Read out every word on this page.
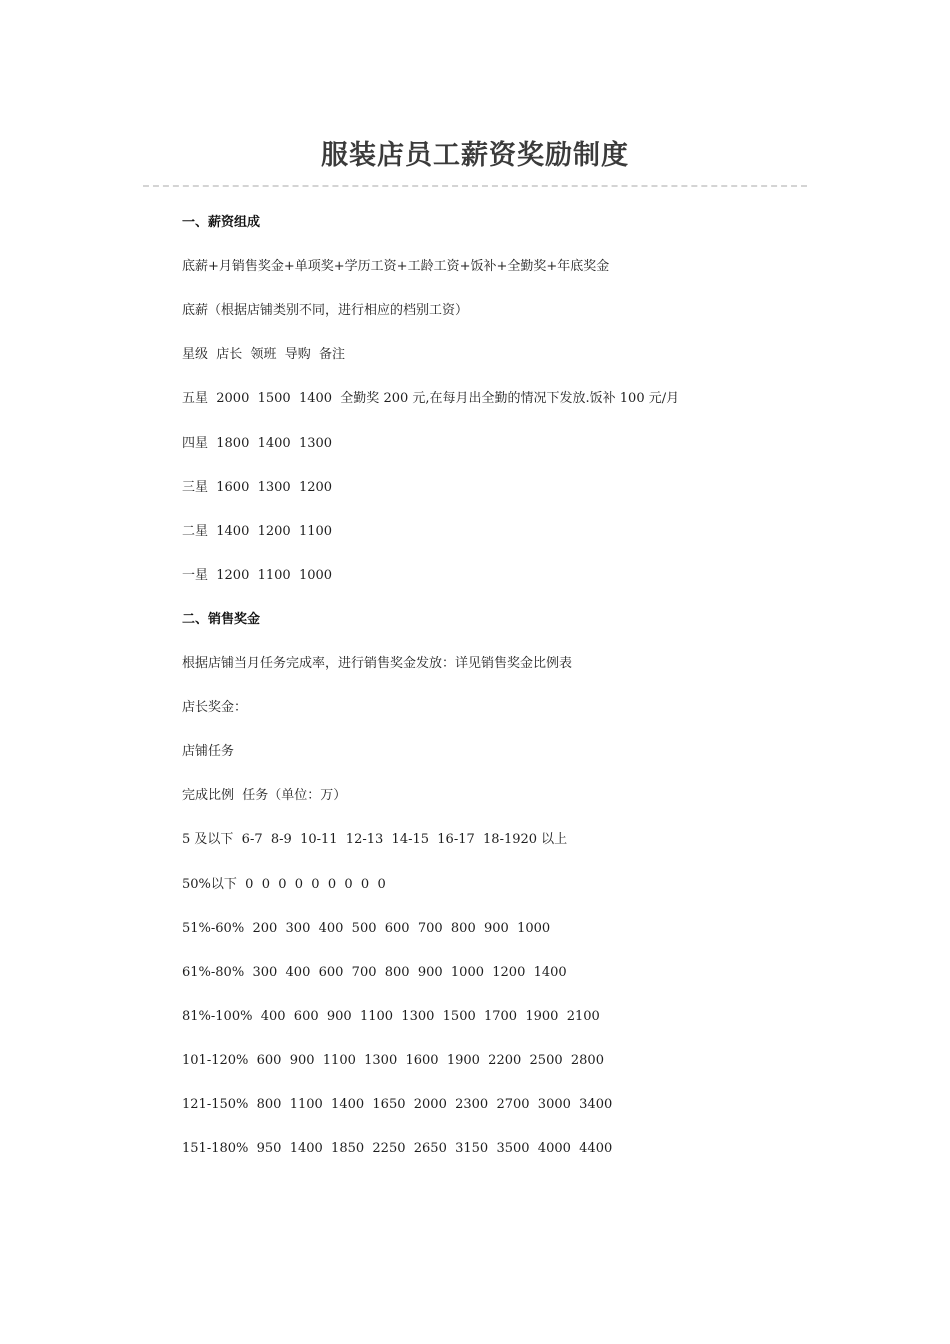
服装店员工薪资奖励制度
一、薪资组成
底薪+月销售奖金+单项奖+学历工资+工龄工资+饭补+全勤奖+年底奖金
底薪（根据店铺类别不同，进行相应的档别工资）
星级  店长  领班  导购  备注
五星  2000  1500  1400  全勤奖 200 元,在每月出全勤的情况下发放.饭补 100 元/月
四星  1800  1400  1300
三星  1600  1300  1200
二星  1400  1200  1100
一星  1200  1100  1000
二、销售奖金
根据店铺当月任务完成率，进行销售奖金发放：详见销售奖金比例表
店长奖金：
店铺任务
完成比例  任务（单位：万）
5 及以下  6-7  8-9  10-11  12-13  14-15  16-17  18-1920 以上
50%以下  0  0  0  0  0  0  0  0  0
51%-60%  200  300  400  500  600  700  800  900  1000
61%-80%  300  400  600  700  800  900  1000  1200  1400
81%-100%  400  600  900  1100  1300  1500  1700  1900  2100
101-120%  600  900  1100  1300  1600  1900  2200  2500  2800
121-150%  800  1100  1400  1650  2000  2300  2700  3000  3400
151-180%  950  1400  1850  2250  2650  3150  3500  4000  4400
